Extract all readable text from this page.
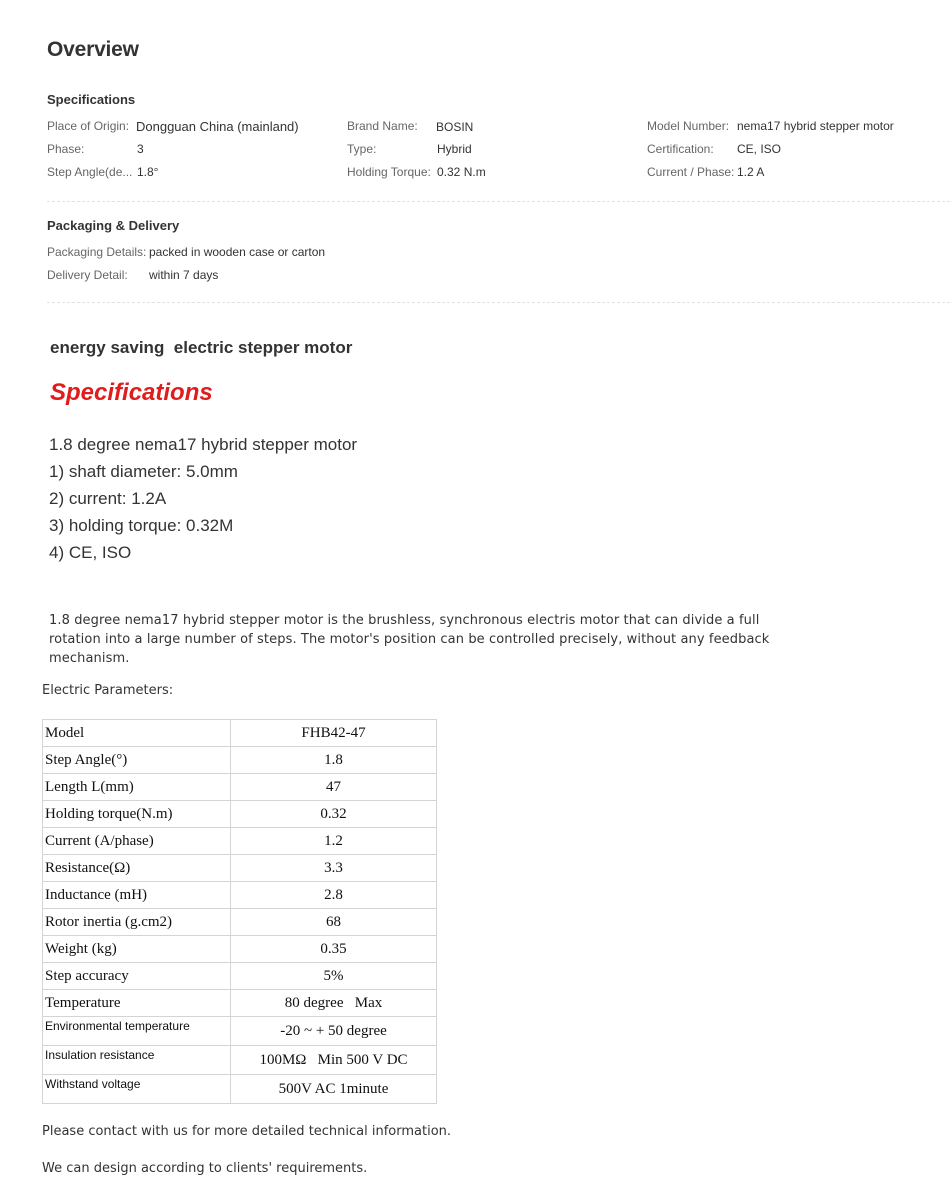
Overview
Specifications
Place of Origin: Dongguan China (mainland)
Phase:	3
Step Angle(de... 1.8°
Brand Name: BOSIN
Type:	Hybrid
Holding Torque: 0.32 N.m
Model Number: nema17 hybrid stepper motor
Certification: CE, ISO
Current / Phase: 1.2 A
Packaging & Delivery
Packaging Details: packed in wooden case or carton
Delivery Detail: within 7 days
energy saving  electric stepper motor
Specifications
1.8 degree nema17 hybrid stepper motor
1) shaft diameter: 5.0mm
2) current: 1.2A
3) holding torque: 0.32M
4) CE, ISO
1.8 degree nema17 hybrid stepper motor is the brushless, synchronous electris motor that can divide a full rotation into a large number of steps. The motor's position can be controlled precisely, without any feedback mechanism.
Electric Parameters:
Model	FHB42-47
Step Angle(°)	1.8
Length L(mm)	47
Holding torque(N.m)	0.32
Current (A/phase)	1.2
Resistance(Ω)	3.3
Inductance (mH)	2.8
Rotor inertia (g.cm2)	68
Weight (kg)	0.35
Step accuracy	5%
Temperature	80 degree   Max
Environmental temperature	-20 ~ + 50 degree
Insulation resistance	100MΩ   Min 500 V DC
Withstand voltage	500V AC 1minute
Please contact with us for more detailed technical information.
We can design according to clients' requirements.
